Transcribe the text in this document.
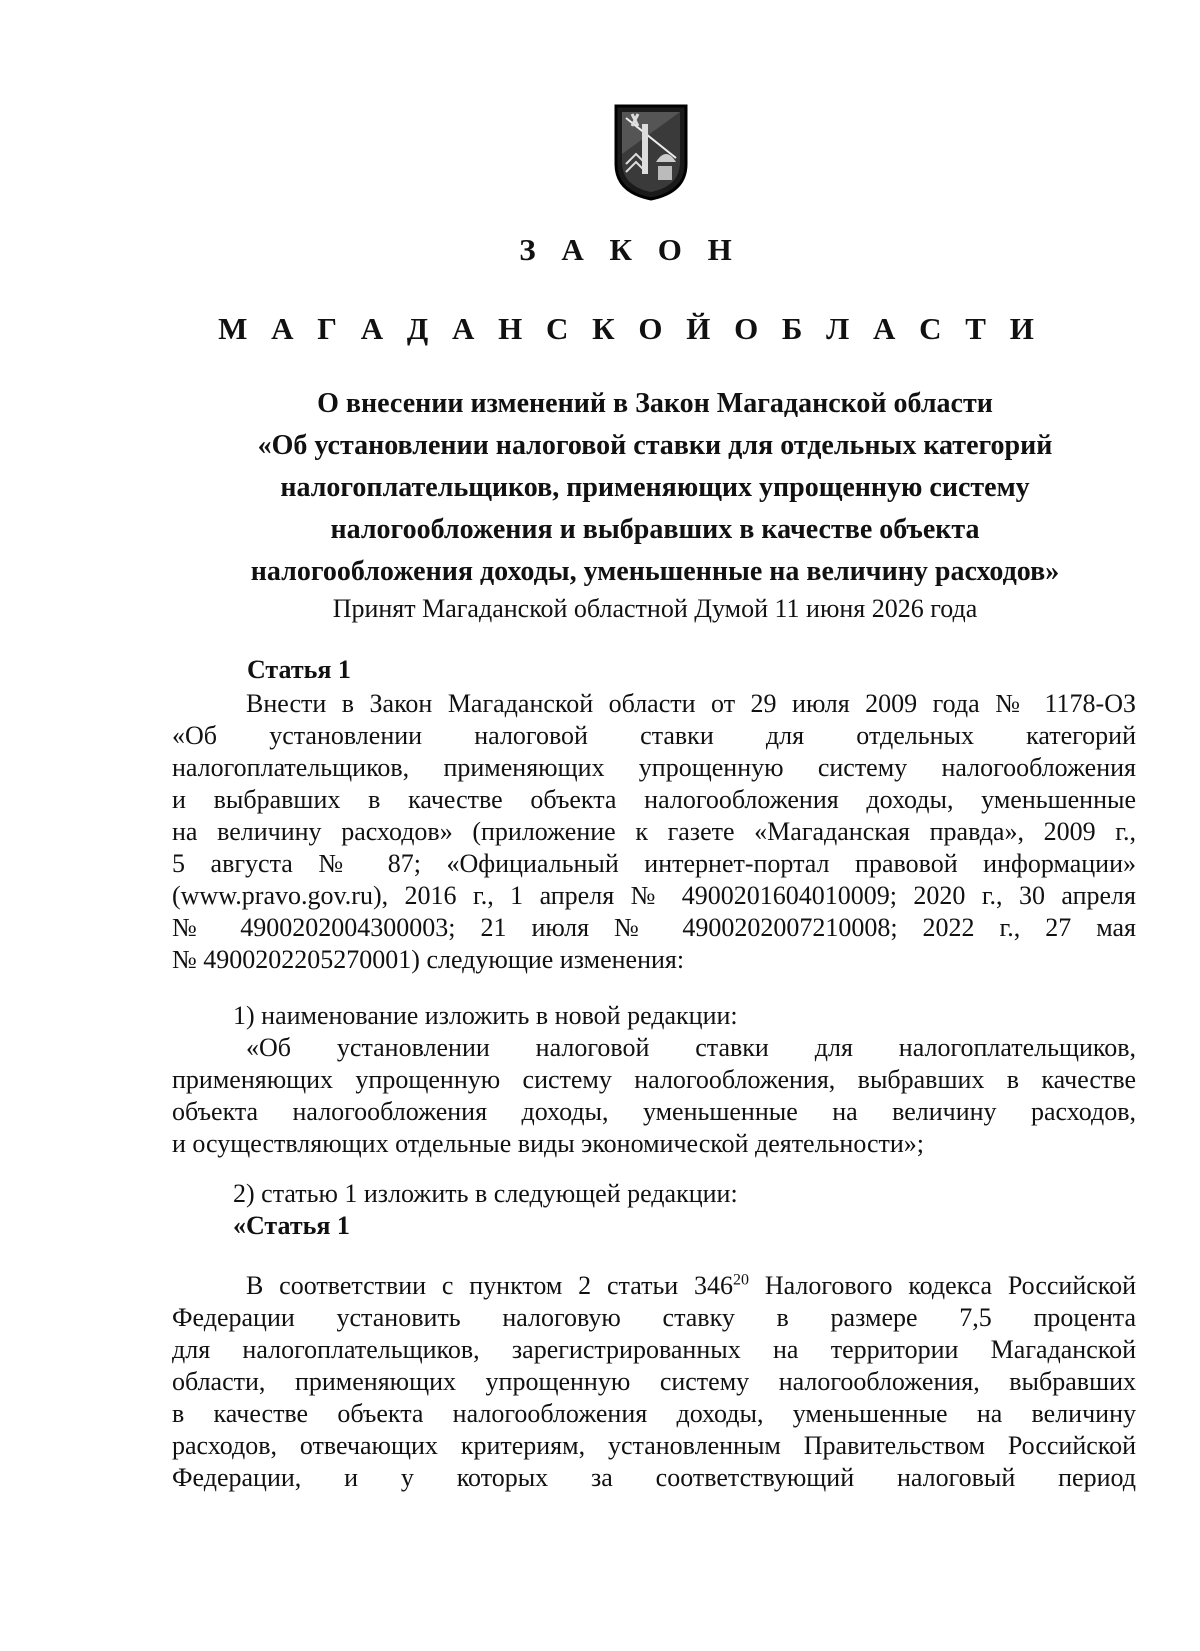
З А К О Н
М А Г А Д А Н С К О Й О Б Л А С Т И
О внесении изменений в Закон Магаданской области
«Об установлении налоговой ставки для отдельных категорий
налогоплательщиков, применяющих упрощенную систему
налогообложения и выбравших в качестве объекта
налогообложения доходы, уменьшенные на величину расходов»
Принят Магаданской областной Думой 11 июня 2026 года
Статья 1
Внести в Закон Магаданской области от 29 июля 2009 года № 1178-ОЗ
«Об установлении налоговой ставки для отдельных категорий
налогоплательщиков, применяющих упрощенную систему налогообложения
и выбравших в качестве объекта налогообложения доходы, уменьшенные
на величину расходов» (приложение к газете «Магаданская правда», 2009 г.,
5 августа № 87; «Официальный интернет-портал правовой информации»
(www.pravo.gov.ru), 2016 г., 1 апреля № 4900201604010009; 2020 г., 30 апреля
№ 4900202004300003; 21 июля № 4900202007210008; 2022 г., 27 мая
№ 4900202205270001) следующие изменения:
1) наименование изложить в новой редакции:
«Об установлении налоговой ставки для налогоплательщиков,
применяющих упрощенную систему налогообложения, выбравших в качестве
объекта налогообложения доходы, уменьшенные на величину расходов,
и осуществляющих отдельные виды экономической деятельности»;
2) статью 1 изложить в следующей редакции:
«Статья 1
В соответствии с пунктом 2 статьи $346^{20}$ Налогового кодекса Российской
Федерации установить налоговую ставку в размере 7,5 процента
для налогоплательщиков, зарегистрированных на территории Магаданской
области, применяющих упрощенную систему налогообложения, выбравших
в качестве объекта налогообложения доходы, уменьшенные на величину
расходов, отвечающих критериям, установленным Правительством Российской
Федерации, и у которых за соответствующий налоговый период
